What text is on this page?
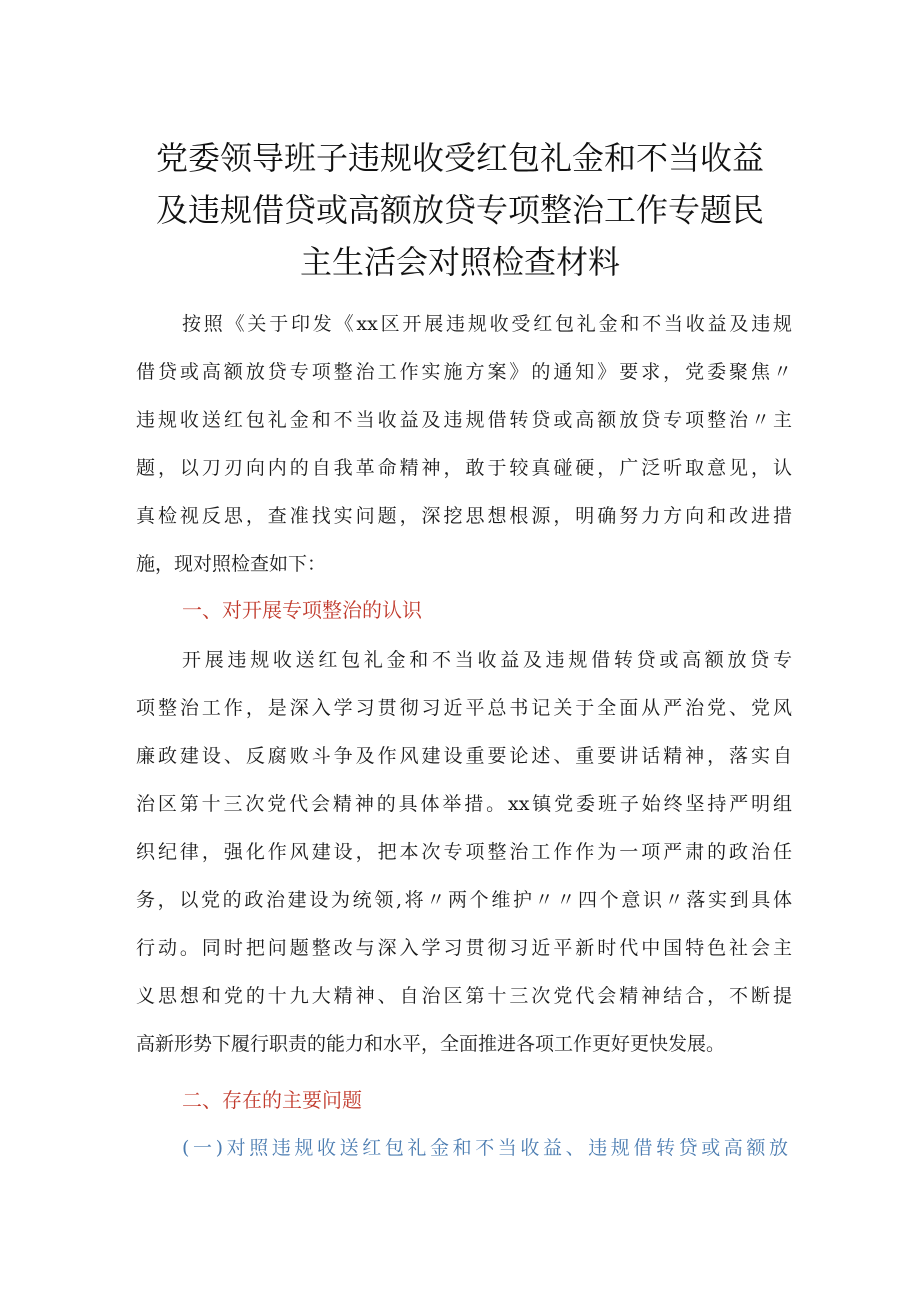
党委领导班子违规收受红包礼金和不当收益
及违规借贷或高额放贷专项整治工作专题民
主生活会对照检查材料
按照《关于印发《xx区开展违规收受红包礼金和不当收益及违规
借贷或高额放贷专项整治工作实施方案》的通知》要求，党委聚焦〃
违规收送红包礼金和不当收益及违规借转贷或高额放贷专项整治〃主
题，以刀刃向内的自我革命精神，敢于较真碰硬，广泛听取意见，认
真检视反思，查准找实问题，深挖思想根源，明确努力方向和改进措
施，现对照检查如下：
一、对开展专项整治的认识
开展违规收送红包礼金和不当收益及违规借转贷或高额放贷专
项整治工作，是深入学习贯彻习近平总书记关于全面从严治党、党风
廉政建设、反腐败斗争及作风建设重要论述、重要讲话精神，落实自
治区第十三次党代会精神的具体举措。xx镇党委班子始终坚持严明组
织纪律，强化作风建设，把本次专项整治工作作为一项严肃的政治任
务，以党的政治建设为统领,将〃两个维护〃〃四个意识〃落实到具体
行动。同时把问题整改与深入学习贯彻习近平新时代中国特色社会主
义思想和党的十九大精神、自治区第十三次党代会精神结合，不断提
高新形势下履行职责的能力和水平，全面推进各项工作更好更快发展。
二、存在的主要问题
(一)对照违规收送红包礼金和不当收益、违规借转贷或高额放
